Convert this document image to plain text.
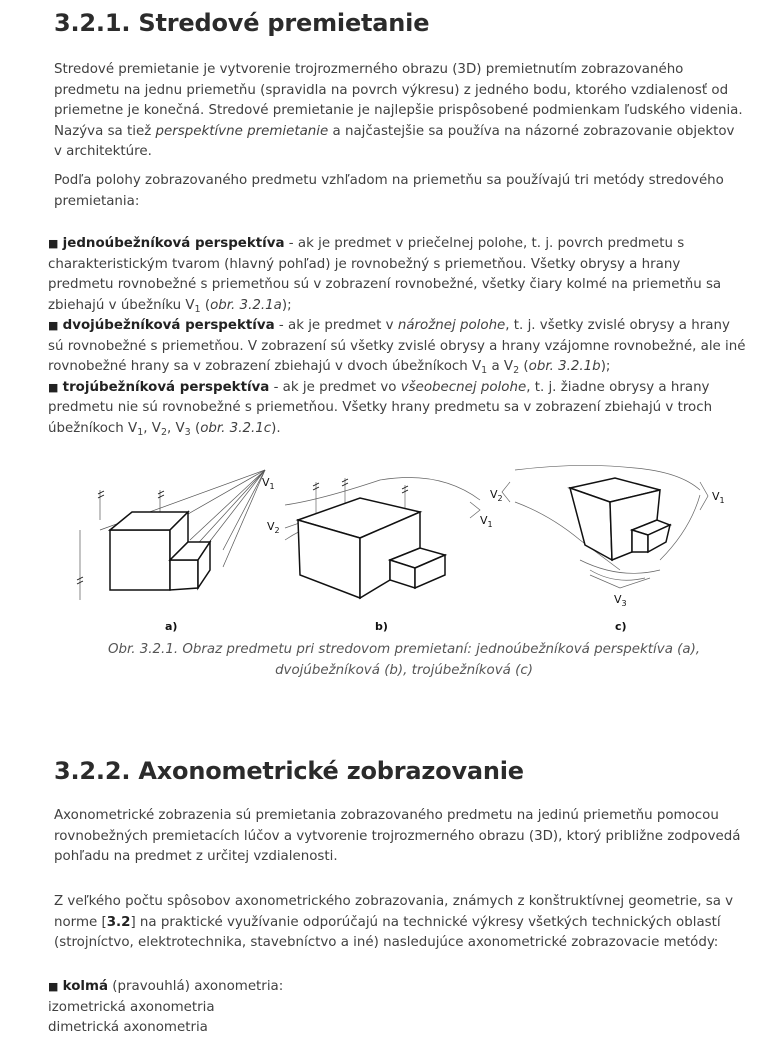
3.2.1. Stredové premietanie

Stredové premietanie je vytvorenie trojrozmerného obrazu (3D) premietnutím zobrazovaného predmetu na jednu priemetňu (spravidla na povrch výkresu) z jedného bodu, ktorého vzdialenosť od priemetne je konečná. Stredové premietanie je najlepšie prispôsobené podmienkam ľudského videnia. Nazýva sa tiež perspektívne premietanie a najčastejšie sa používa na názorné zobrazovanie objektov v architektúre.

Podľa polohy zobrazovaného predmetu vzhľadom na priemetňu sa používajú tri metódy stredového premietania:

■ jednoúbežníková perspektíva - ak je predmet v priečelnej polohe, t. j. povrch predmetu s charakteristickým tvarom (hlavný pohľad) je rovnobežný s priemetňou. Všetky obrysy a hrany predmetu rovnobežné s priemetňou sú v zobrazení rovnobežné, všetky čiary kolmé na priemetňu sa zbiehajú v úbežníku $V_1$ (obr. 3.2.1a);
■ dvojúbežníková perspektíva - ak je predmet v nárožnej polohe, t. j. všetky zvislé obrysy a hrany sú rovnobežné s priemetňou. V zobrazení sú všetky zvislé obrysy a hrany vzájomne rovnobežné, ale iné rovnobežné hrany sa v zobrazení zbiehajú v dvoch úbežníkoch $V_1$ a $V_2$ (obr. 3.2.1b);
■ trojúbežníková perspektíva - ak je predmet vo všeobecnej polohe, t. j. žiadne obrysy a hrany predmetu nie sú rovnobežné s priemetňou. Všetky hrany predmetu sa v zobrazení zbiehajú v troch úbežníkoch $V_1$, $V_2$, $V_3$ (obr. 3.2.1c).

$V_1$
$V_2$
$V_1$
$V_2$	$V_1$
$V_3$
a)	b)	c)

Obr. 3.2.1. Obraz predmetu pri stredovom premietaní: jednoúbežníková perspektíva (a), dvojúbežníková (b), trojúbežníková (c)

3.2.2. Axonometrické zobrazovanie

Axonometrické zobrazenia sú premietania zobrazovaného predmetu na jedinú priemetňu pomocou rovnobežných premietacích lúčov a vytvorenie trojrozmerného obrazu (3D), ktorý približne zodpovedá pohľadu na predmet z určitej vzdialenosti.

Z veľkého počtu spôsobov axonometrického zobrazovania, známych z konštruktívnej geometrie, sa v norme [3.2] na praktické využívanie odporúčajú na technické výkresy všetkých technických oblastí (strojníctvo, elektrotechnika, stavebníctvo a iné) nasledujúce axonometrické zobrazovacie metódy:

■ kolmá (pravouhlá) axonometria:
izometrická axonometria
dimetrická axonometria
